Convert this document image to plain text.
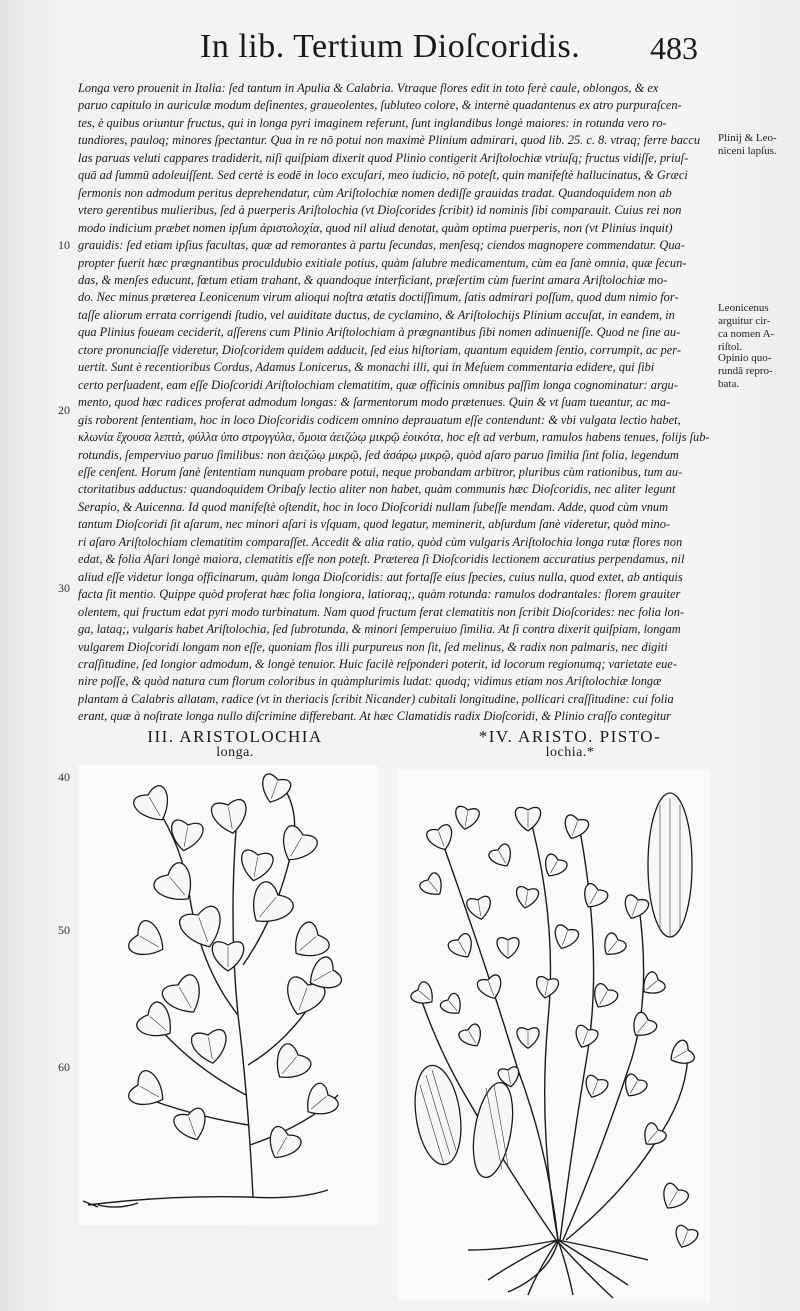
In lib. Tertium Dioſcoridis. 483
Longa vero prouenit in Italia: ſed tantum in Apulia & Calabria. Vtraque flores edit in toto ferè caule, oblongos, & ex
paruo capitulo in auriculæ modum deſinentes, graueolentes, ſubluteo colore, & internè quadantenus ex atro purpuraſcen-
tes, è quibus oriuntur fructus, qui in longa pyri imaginem referunt, ſunt inglandibus longè maiores: in rotunda vero ro-
tundiores, pauloq; minores ſpectantur. Qua in re nō potui non maximè Plinium admirari, quod lib. 25. c. 8. vtraq; ferre baccu
las paruas veluti cappares tradiderit, niſi quiſpiam dixerit quod Plinio contigerit Ariſtolochiæ vtriuſq; fructus vidiſſe, priuſ-
quā ad ſummū adoleuiſſent. Sed certè is eodē in loco excuſari, meo iudicio, nō poteſt, quin manifeſtè hallucinatus, & Græci
ſermonis non admodum peritus deprehendatur, cùm Ariſtolochiæ nomen dediſſe grauidas tradat. Quandoquidem non ab
vtero gerentibus mulieribus, ſed à puerperis Ariſtolochia (vt Dioſcorides ſcribit) id nominis ſibi comparauit. Cuius rei non
modo indicium præbet nomen ipſum ἀριστολοχία, quod nil aliud denotat, quàm optima puerperis, non (vt Plinius inquit)
grauidis: ſed etiam ipſius facultas, quæ ad remorantes à partu ſecundas, menſesq; ciendos magnopere commendatur. Qua-
propter fuerit hæc prægnantibus proculdubio exitiale potius, quàm ſalubre medicamentum, cùm ea ſanè omnia, quæ ſecun-
das, & menſes educunt, fœtum etiam trahant, & quandoque interficiant, præſertim cùm fuerint amara Ariſtolochiæ mo-
do. Nec minus præterea Leonicenum virum alioqui noſtra ætatis doctiſſimum, ſatis admirari poſſum, quod dum nimio for-
taſſe aliorum errata corrigendi ſtudio, vel auiditate ductus, de cyclamino, & Ariſtolochijs Plinium accuſat, in eandem, in
qua Plinius foueam ceciderit, aſſerens cum Plinio Ariſtolochiam à prægnantibus ſibi nomen adinueniſſe. Quod ne ſine au-
ctore pronunciaſſe videretur, Dioſcoridem quidem adducit, ſed eius hiſtoriam, quantum equidem ſentio, corrumpit, ac per-
uertit. Sunt è recentioribus Cordus, Adamus Lonicerus, & monachi illi, qui in Meſuem commentaria edidere, qui ſibi
certo perſuadent, eam eſſe Dioſcoridi Ariſtolochiam clematitim, quæ officinis omnibus paſſim longa cognominatur: argu-
mento, quod hæc radices proferat admodum longas: & ſarmentorum modo prætenues. Quin & vt ſuam tueantur, ac ma-
gis roborent ſententiam, hoc in loco Dioſcoridis codicem omnino deprauatum eſſe contendunt: & vbi vulgata lectio habet,
κλωνία ἔχουσα λεπτὰ, φύλλα ὑπο στρογγύλα, ὅμοια ἀειζώῳ μικρῷ ἐοικότα, hoc eſt ad verbum, ramulos habens tenues, folijs ſub-
rotundis, ſemperviuo paruo ſimilibus: non ἀειζώῳ μικρῷ, ſed ἀσάρῳ μικρῷ, quòd aſaro paruo ſimilia ſint folia, legendum
eſſe cenſent. Horum ſanè ſententiam nunquam probare potui, neque probandam arbitror, pluribus cùm rationibus, tum au-
ctoritatibus adductus: quandoquidem Oribaſy lectio aliter non habet, quàm communis hæc Dioſcoridis, nec aliter legunt
Serapio, & Auicenna. Id quod manifeſtè oſtendit, hoc in loco Dioſcoridi nullam ſubeſſe mendam. Adde, quod cùm vnum
tantum Dioſcoridi ſit aſarum, nec minori aſari is vſquam, quod legatur, meminerit, abſurdum ſanè videretur, quòd mino-
ri aſaro Ariſtolochiam clematitim comparaſſet. Accedit & alia ratio, quòd cùm vulgaris Ariſtolochia longa rutæ flores non
edat, & folia Aſari longè maiora, clematitis eſſe non poteſt. Præterea ſi Dioſcoridis lectionem accuratius perpendamus, nil
aliud eſſe videtur longa officinarum, quàm longa Dioſcoridis: aut fortaſſe eius ſpecies, cuius nulla, quod extet, ab antiquis
facta ſit mentio. Quippe quòd proferat hæc folia longiora, latioraq;, quàm rotunda: ramulos dodrantales: florem grauiter
olentem, qui fructum edat pyri modo turbinatum. Nam quod fructum ferat clematitis non ſcribit Dioſcorides: nec folia lon-
ga, lataq;, vulgaris habet Ariſtolochia, ſed ſubrotunda, & minori ſemperuiuo ſimilia. At ſi contra dixerit quiſpiam, longam
vulgarem Dioſcoridi longam non eſſe, quoniam flos illi purpureus non ſit, ſed melinus, & radix non palmaris, nec digiti
craſſitudine, ſed longior admodum, & longè tenuior. Huic facilè reſponderi poterit, id locorum regionumq; varietate eue-
nire poſſe, & quòd natura cum florum coloribus in quàmplurimis ludat: quodq; vidimus etiam nos Ariſtolochiæ longæ
plantam à Calabris allatam, radice (vt in theriacis ſcribit Nicander) cubitali longitudine, pollicari craſſitudine: cui folia
erant, quæ à noſtrate longa nullo diſcrimine differebant. At hæc Clamatidis radix Dioſcoridi, & Plinio craſſo contegitur
10
20
30
40
50
60
Plinij & Leo-
niceni lapſus.
Leonicenus
arguitur cir-
ca nomen A-
riſtol.
Opinio quo-
rundā repro-
bata.
III. ARISTOLOCHIA
longa.
*IV. ARISTO. PISTO-
lochia.*
